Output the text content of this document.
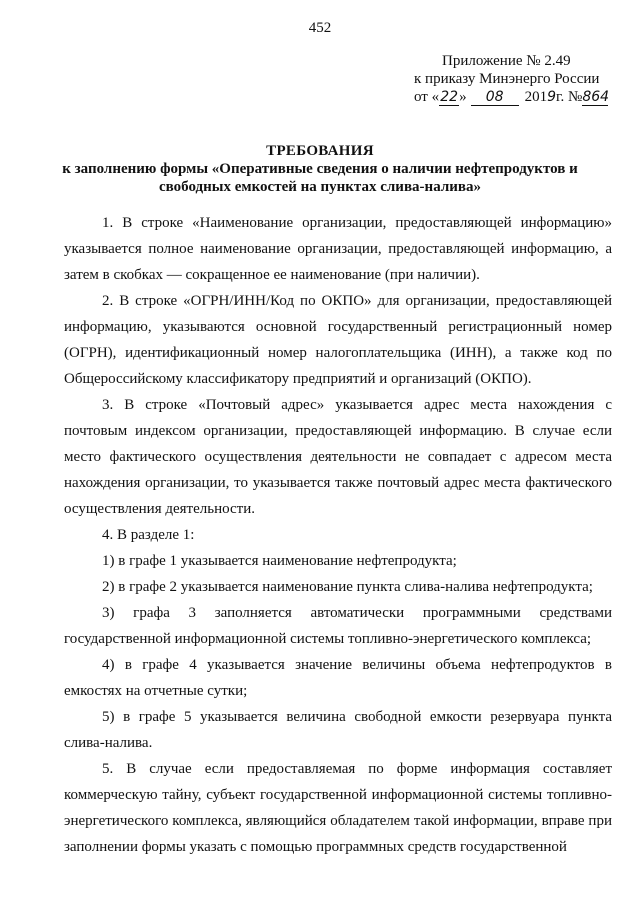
452
Приложение № 2.49
к приказу Минэнерго России
от «22» 08 2019г. №864
ТРЕБОВАНИЯ
к заполнению формы «Оперативные сведения о наличии нефтепродуктов и
свободных емкостей на пунктах слива-налива»

1. В строке «Наименование организации, предоставляющей информацию» указывается полное наименование организации, предоставляющей информацию, а затем в скобках — сокращенное ее наименование (при наличии).

2. В строке «ОГРН/ИНН/Код по ОКПО» для организации, предоставляющей информацию, указываются основной государственный регистрационный номер (ОГРН), идентификационный номер налогоплательщика (ИНН), а также код по Общероссийскому классификатору предприятий и организаций (ОКПО).

3. В строке «Почтовый адрес» указывается адрес места нахождения с почтовым индексом организации, предоставляющей информацию. В случае если место фактического осуществления деятельности не совпадает с адресом места нахождения организации, то указывается также почтовый адрес места фактического осуществления деятельности.

4. В разделе 1:

1) в графе 1 указывается наименование нефтепродукта;

2) в графе 2 указывается наименование пункта слива-налива нефтепродукта;

3) графа 3 заполняется автоматически программными средствами государственной информационной системы топливно-энергетического комплекса;

4) в графе 4 указывается значение величины объема нефтепродуктов в емкостях на отчетные сутки;

5) в графе 5 указывается величина свободной емкости резервуара пункта слива-налива.

5. В случае если предоставляемая по форме информация составляет коммерческую тайну, субъект государственной информационной системы топливно-энергетического комплекса, являющийся обладателем такой информации, вправе при заполнении формы указать с помощью программных средств государственной
